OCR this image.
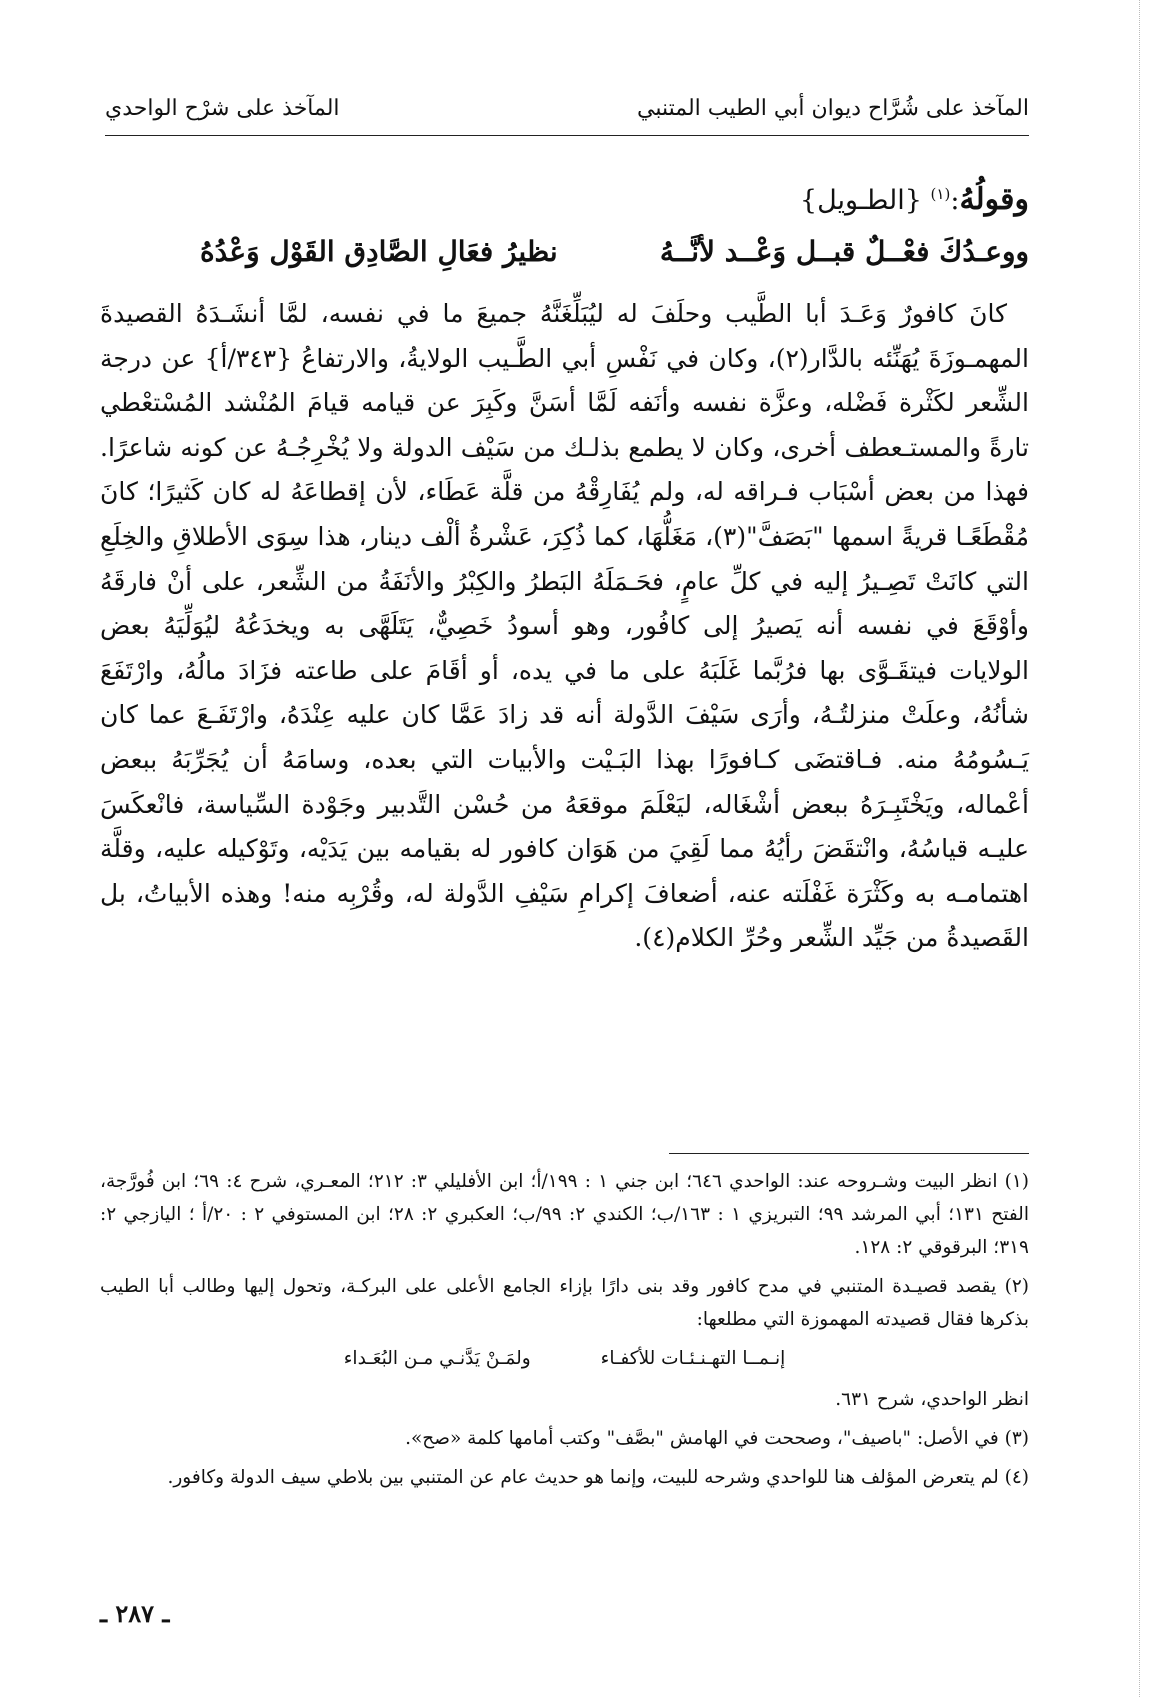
المآخذ على شُرَّاح ديوان أبي الطيب المتنبي
المآخذ على شرْح الواحدي
وقولُهُ:$^{(١)}$ {الطـويل}
ووعـدُكَ فعْــلٌ قبــل وَعْــد لأنَّــهُ
نظيرُ فعَالِ الصَّادِق القَوْل وَعْدُهُ

كانَ كافورٌ وَعَـدَ أبا الطَّيب وحلَفَ له ليُبَلِّغَنَّهُ جميعَ ما في نفسه، لمَّا أنشَـدَهُ القصيدةَ المهمـوزَةَ يُهَنِّئه بالدَّار(٢)، وكان في نَفْسِ أبي الطَّـيب الولايةُ، والارتفاعُ {٣٤٣/أ} عن درجة الشِّعر لكَثْرة فَضْله، وعزَّة نفسه وأنَفه لَمَّا أسَنَّ وكَبِرَ عن قيامه قيامَ المُنْشد المُسْتعْطي تارةً والمستـعطف أخرى، وكان لا يطمع بذلـك من سَيْف الدولة ولا يُخْرِجُـهُ عن كونه شاعرًا. فهذا من بعض أسْبَاب فـراقه له، ولم يُفَارِقْهُ من قلَّة عَطَاء، لأن إقطاعَهُ له كان كَثيرًا؛ كانَ مُقْطَعًـا قريةً اسمها "بَصَفَّ"(٣)، مَغَلُّهَا، كما ذُكِرَ، عَشْرةُ ألْف دينار، هذا سِوَى الأطلاقِ والخِلَعِ التي كانَتْ تَصِـيرُ إليه في كلِّ عامٍ، فحَـمَلَهُ البَطرُ والكِبْرُ والأنَفَةُ من الشِّعر، على أنْ فارقَهُ وأوْقَعَ في نفسه أنه يَصيرُ إلى كافُور، وهو أسودُ خَصِيٌّ، يَتَلَهَّى به ويخدَعُهُ ليُوَلِّيَهُ بعض الولايات فيتقَـوَّى بها فرُبَّما غَلَبَهُ على ما في يده، أو أقَامَ على طاعته فزَادَ مالُهُ، وارْتَفَعَ شأنُهُ، وعلَتْ منزلتُـهُ، وأرَى سَيْفَ الدَّولة أنه قد زادَ عَمَّا كان عليه عِنْدَهُ، وارْتَفَـعَ عما كان يَـسُومُهُ منه. فـاقتضَى كـافورًا بهذا البَـيْت والأبيات التي بعده، وسامَهُ أن يُجَرِّبَهُ ببعض أعْماله، ويَخْتَبِـرَهُ ببعض أشْغَاله، ليَعْلَمَ موقعَهُ من حُسْن التَّدبير وجَوْدة السِّياسة، فانْعكَسَ عليـه قياسُهُ، وانْتقَضَ رأيُهُ مما لَقِيَ من هَوَان كافور له بقيامه بين يَدَيْه، وتَوْكيله عليه، وقلَّة اهتمامـه به وكَثْرَة غَفْلَته عنه، أضعافَ إكرامِ سَيْفِ الدَّولة له، وقُرْبِه منه! وهذه الأبياتُ، بل القَصيدةُ من جَيِّد الشِّعر وحُرِّ الكلام(٤).

(١) انظر البيت وشـروحه عند: الواحدي ٦٤٦؛ ابن جني ١ : ١٩٩/أ؛ ابن الأفليلي ٣: ٢١٢؛ المعـري، شرح ٤: ٦٩؛ ابن فُورَّجة، الفتح ١٣١؛ أبي المرشد ٩٩؛ التبريزي ١ : ١٦٣/ب؛ الكندي ٢: ٩٩/ب؛ العكبري ٢: ٢٨؛ ابن المستوفي ٢ : ٢٠/أ ؛ اليازجي ٢: ٣١٩؛ البرقوقي ٢: ١٢٨.

(٢) يقصد قصيـدة المتنبي في مدح كافور وقد بنى دارًا بإزاء الجامع الأعلى على البركـة، وتحول إليها وطالب أبا الطيب بذكرها فقال قصيدته المهموزة التي مطلعها:

إنـمــا التهـنـئـات للأكفـاء
ولمَـنْ يَدَّنـي مـن البُعَـداء

انظر الواحدي، شرح ٦٣١.

(٣) في الأصل: "باصيف"، وصححت في الهامش "بصَّف" وكتب أمامها كلمة «صح».

(٤) لم يتعرض المؤلف هنا للواحدي وشرحه للبيت، وإنما هو حديث عام عن المتنبي بين بلاطي سيف الدولة وكافور.

ـ ٢٨٧ ـ
